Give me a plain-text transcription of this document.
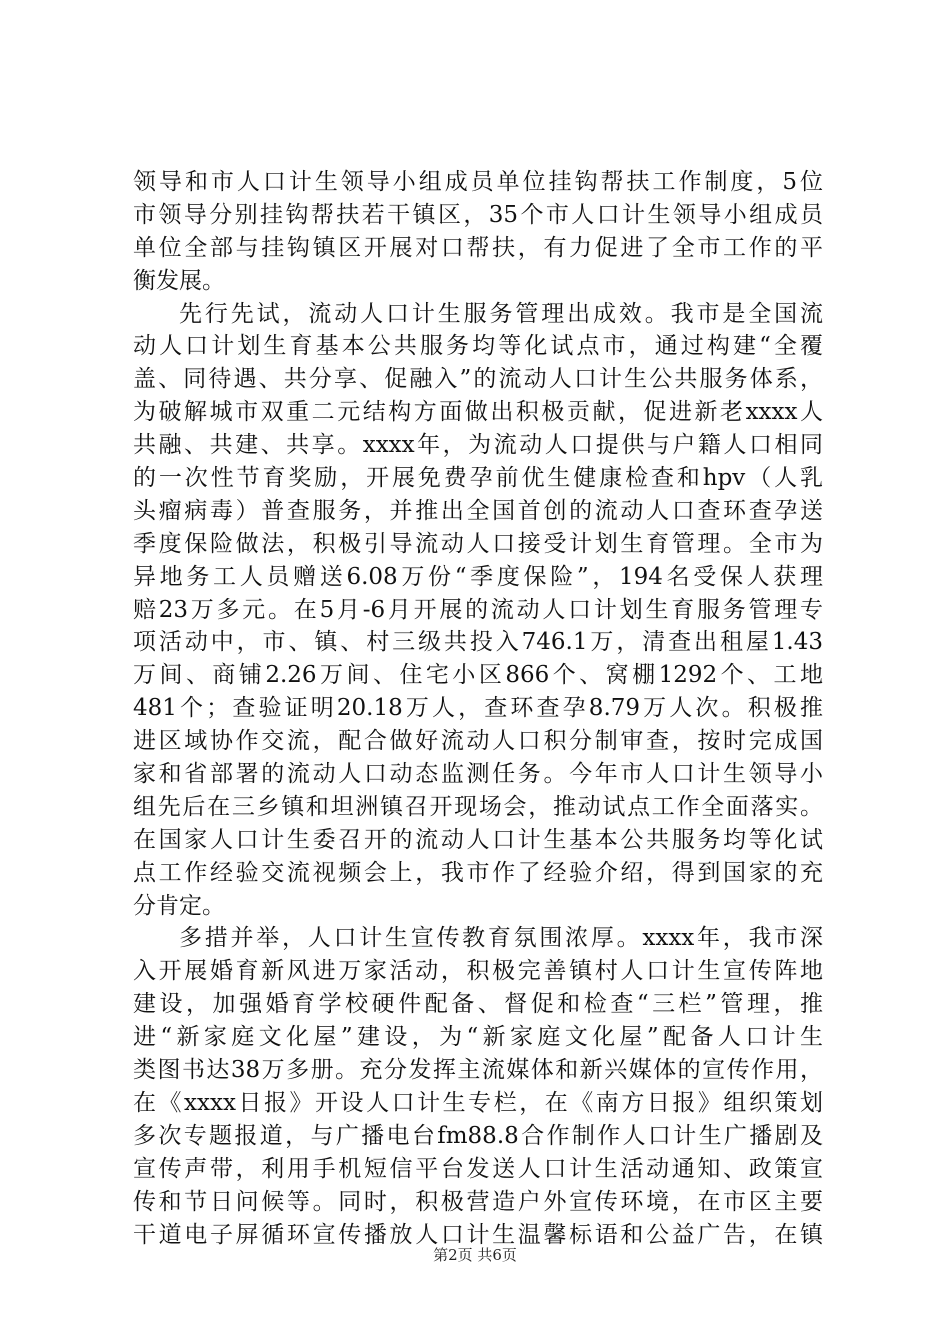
领导和市人口计生领导小组成员单位挂钩帮扶工作制度，5位
市领导分别挂钩帮扶若干镇区，35个市人口计生领导小组成员
单位全部与挂钩镇区开展对口帮扶，有力促进了全市工作的平
衡发展。
先行先试，流动人口计生服务管理出成效。我市是全国流
动人口计划生育基本公共服务均等化试点市，通过构建“全覆
盖、同待遇、共分享、促融入”的流动人口计生公共服务体系，
为破解城市双重二元结构方面做出积极贡献，促进新老xxxx人
共融、共建、共享。xxxx年，为流动人口提供与户籍人口相同
的一次性节育奖励，开展免费孕前优生健康检查和hpv（人乳
头瘤病毒）普查服务，并推出全国首创的流动人口查环查孕送
季度保险做法，积极引导流动人口接受计划生育管理。全市为
异地务工人员赠送6.08万份“季度保险”，194名受保人获理
赔23万多元。在5月-6月开展的流动人口计划生育服务管理专
项活动中，市、镇、村三级共投入746.1万，清查出租屋1.43
万间、商铺2.26万间、住宅小区866个、窝棚1292个、工地
481个；查验证明20.18万人，查环查孕8.79万人次。积极推
进区域协作交流，配合做好流动人口积分制审查，按时完成国
家和省部署的流动人口动态监测任务。今年市人口计生领导小
组先后在三乡镇和坦洲镇召开现场会，推动试点工作全面落实。
在国家人口计生委召开的流动人口计生基本公共服务均等化试
点工作经验交流视频会上，我市作了经验介绍，得到国家的充
分肯定。
多措并举，人口计生宣传教育氛围浓厚。xxxx年，我市深
入开展婚育新风进万家活动，积极完善镇村人口计生宣传阵地
建设，加强婚育学校硬件配备、督促和检查“三栏”管理，推
进“新家庭文化屋”建设，为“新家庭文化屋”配备人口计生
类图书达38万多册。充分发挥主流媒体和新兴媒体的宣传作用，
在《xxxx日报》开设人口计生专栏，在《南方日报》组织策划
多次专题报道，与广播电台fm88.8合作制作人口计生广播剧及
宣传声带，利用手机短信平台发送人口计生活动通知、政策宣
传和节日问候等。同时，积极营造户外宣传环境，在市区主要
干道电子屏循环宣传播放人口计生温馨标语和公益广告，在镇
第2页 共6页
